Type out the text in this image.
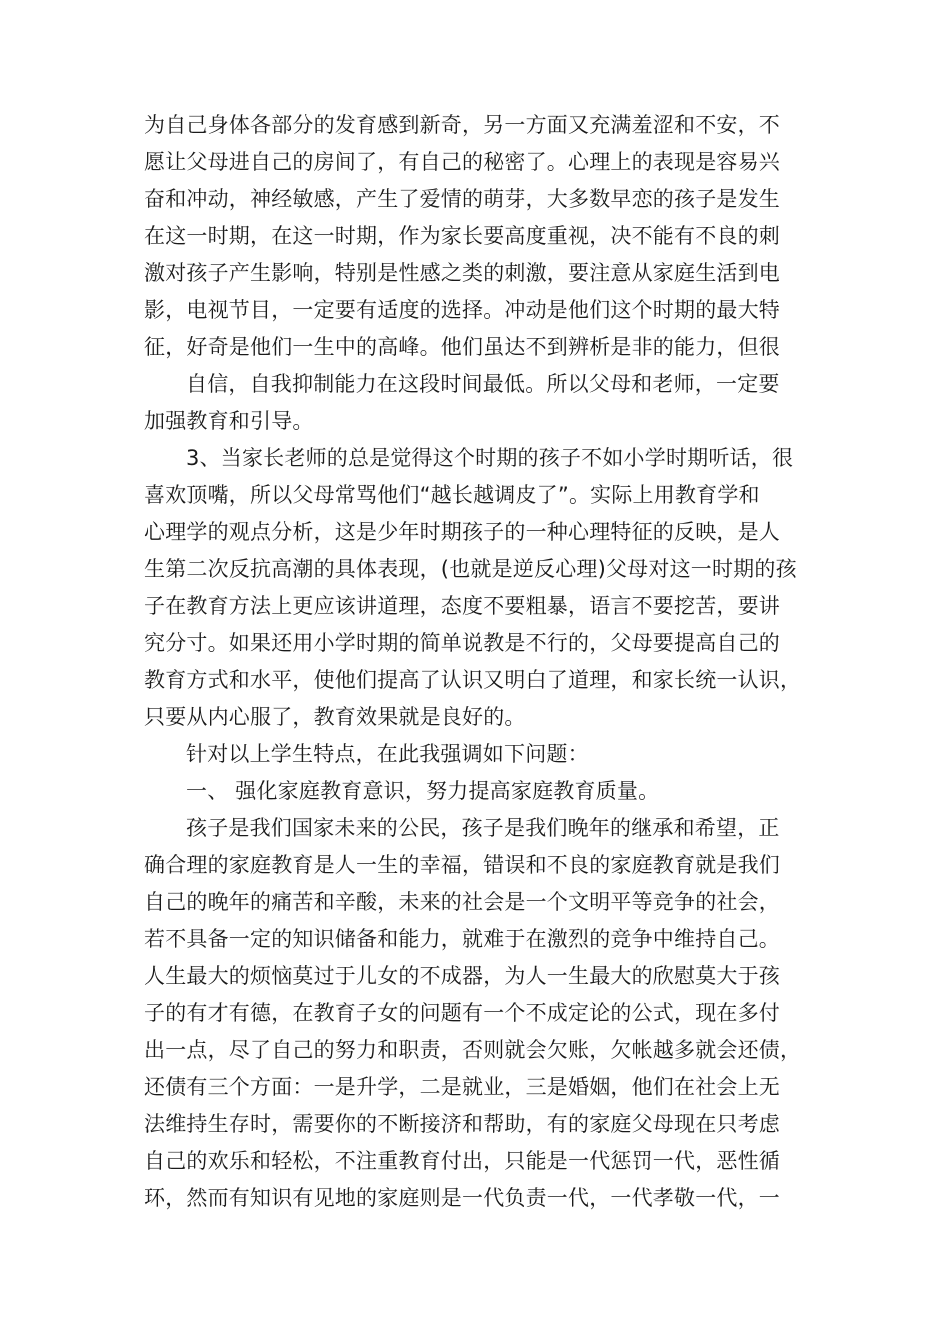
为自己身体各部分的发育感到新奇，另一方面又充满羞涩和不安，不
愿让父母进自己的房间了，有自己的秘密了。心理上的表现是容易兴
奋和冲动，神经敏感，产生了爱情的萌芽，大多数早恋的孩子是发生
在这一时期，在这一时期，作为家长要高度重视，决不能有不良的刺
激对孩子产生影响，特别是性感之类的刺激，要注意从家庭生活到电
影，电视节目，一定要有适度的选择。冲动是他们这个时期的最大特
征，好奇是他们一生中的高峰。他们虽达不到辨析是非的能力，但很
自信，自我抑制能力在这段时间最低。所以父母和老师，一定要
加强教育和引导。
3、当家长老师的总是觉得这个时期的孩子不如小学时期听话，很
喜欢顶嘴，所以父母常骂他们“越长越调皮了”。实际上用教育学和
心理学的观点分析，这是少年时期孩子的一种心理特征的反映，是人
生第二次反抗高潮的具体表现，(也就是逆反心理)父母对这一时期的孩
子在教育方法上更应该讲道理，态度不要粗暴，语言不要挖苦，要讲
究分寸。如果还用小学时期的简单说教是不行的，父母要提高自己的
教育方式和水平，使他们提高了认识又明白了道理，和家长统一认识，
只要从内心服了，教育效果就是良好的。
针对以上学生特点，在此我强调如下问题：
一、 强化家庭教育意识，努力提高家庭教育质量。
孩子是我们国家未来的公民，孩子是我们晚年的继承和希望，正
确合理的家庭教育是人一生的幸福，错误和不良的家庭教育就是我们
自己的晚年的痛苦和辛酸，未来的社会是一个文明平等竞争的社会，
若不具备一定的知识储备和能力，就难于在激烈的竞争中维持自己。
人生最大的烦恼莫过于儿女的不成器，为人一生最大的欣慰莫大于孩
子的有才有德，在教育子女的问题有一个不成定论的公式，现在多付
出一点，尽了自己的努力和职责，否则就会欠账，欠帐越多就会还债，
还债有三个方面：一是升学，二是就业，三是婚姻，他们在社会上无
法维持生存时，需要你的不断接济和帮助，有的家庭父母现在只考虑
自己的欢乐和轻松，不注重教育付出，只能是一代惩罚一代，恶性循
环，然而有知识有见地的家庭则是一代负责一代，一代孝敬一代，一
